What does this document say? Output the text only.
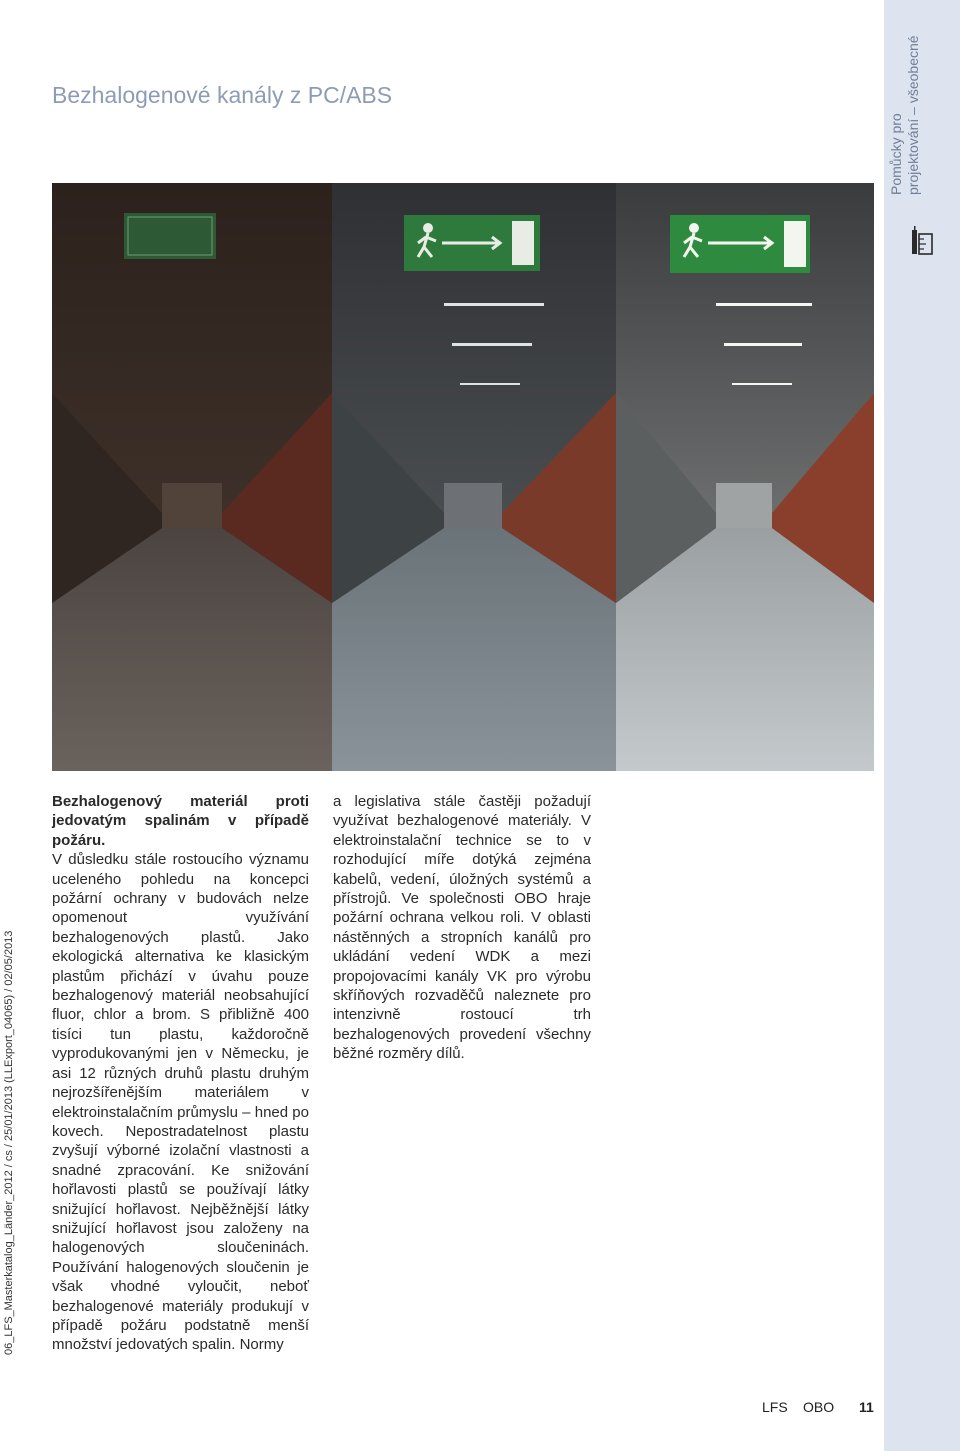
Pomůcky pro projektování – všeobecné
Bezhalogenové kanály z PC/ABS

Bezhalogenový materiál proti jedovatým spalinám v případě požáru.

V důsledku stále rostoucího významu uceleného pohledu na koncepci požární ochrany v budovách nelze opomenout využívání bezhalogenových plastů. Jako ekologická alternativa ke klasickým plastům přichází v úvahu pouze bezhalogenový materiál neobsahující fluor, chlor a brom. S přibližně 400 tisíci tun plastu, každoročně vyprodukovanými jen v Německu, je asi 12 různých druhů plastu druhým nejrozšířenějším materiálem v elektroinstalačním průmyslu – hned po kovech. Nepostradatelnost plastu zvyšují výborné izolační vlastnosti a snadné zpracování. Ke snižování hořlavosti plastů se používají látky snižující hořlavost. Nejběžnější látky snižující hořlavost jsou založeny na halogenových sloučeninách. Používání halogenových sloučenin je však vhodné vyloučit, neboť bezhalogenové materiály produkují v případě požáru podstatně menší množství jedovatých spalin. Normy

a legislativa stále častěji požadují využívat bezhalogenové materiály. V elektroinstalační technice se to v rozhodující míře dotýká zejména kabelů, vedení, úložných systémů a přístrojů. Ve společnosti OBO hraje požární ochrana velkou roli. V oblasti nástěnných a stropních kanálů pro ukládání vedení WDK a mezi propojovacími kanály VK pro výrobu skříňových rozvaděčů naleznete pro intenzivně rostoucí trh bezhalogenových provedení všechny běžné rozměry dílů.

06_LFS_Masterkatalog_Länder_2012 / cs / 25/01/2013 (LLExport_04065) / 02/05/2013
LFS OBO 11
